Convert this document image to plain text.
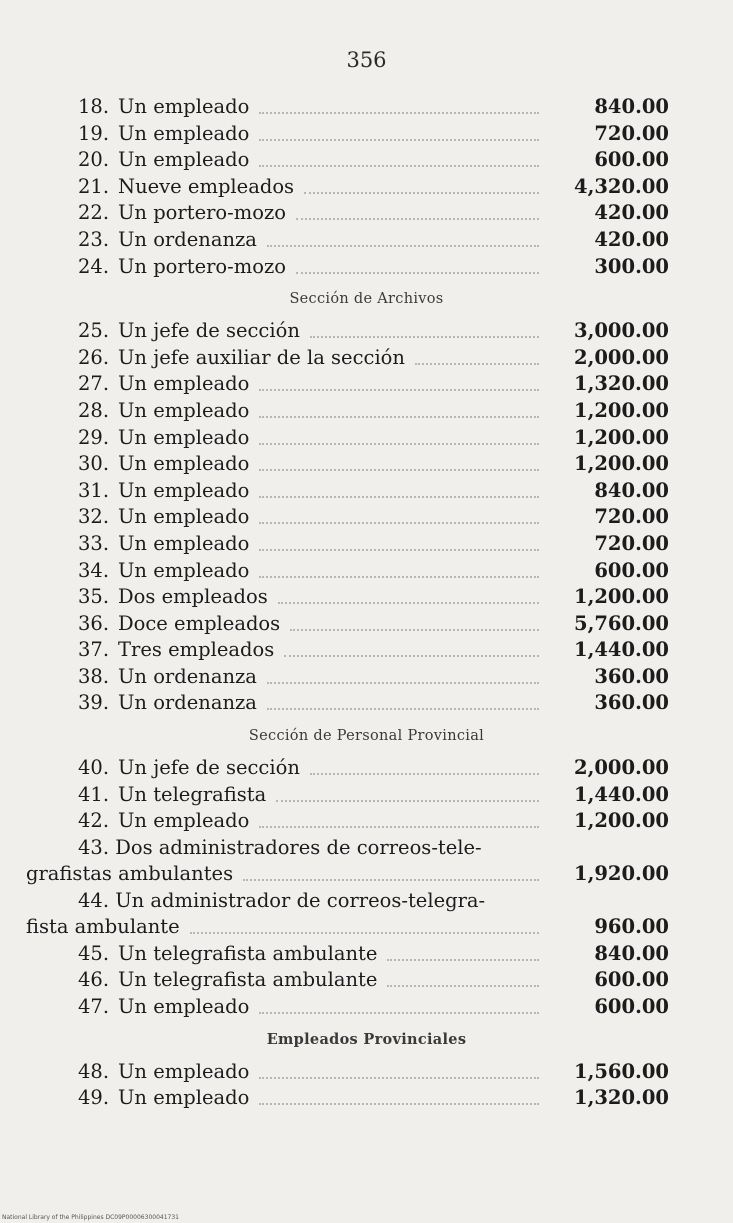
356
18. Un empleado	840.00
19. Un empleado	720.00
20. Un empleado	600.00
21. Nueve empleados	4,320.00
22. Un portero-mozo	420.00
23. Un ordenanza	420.00
24. Un portero-mozo	300.00
Sección de Archivos
25. Un jefe de sección	3,000.00
26. Un jefe auxiliar de la sección	2,000.00
27. Un empleado	1,320.00
28. Un empleado	1,200.00
29. Un empleado	1,200.00
30. Un empleado	1,200.00
31. Un empleado	840.00
32. Un empleado	720.00
33. Un empleado	720.00
34. Un empleado	600.00
35. Dos empleados	1,200.00
36. Doce empleados	5,760.00
37. Tres empleados	1,440.00
38. Un ordenanza	360.00
39. Un ordenanza	360.00
Sección de Personal Provincial
40. Un jefe de sección	2,000.00
41. Un telegrafista	1,440.00
42. Un empleado	1,200.00
43. Dos administradores de correos-tele-
grafistas ambulantes	1,920.00
44. Un administrador de correos-telegra-
fista ambulante	960.00
45. Un telegrafista ambulante	840.00
46. Un telegrafista ambulante	600.00
47. Un empleado	600.00
Empleados Provinciales
48. Un empleado	1,560.00
49. Un empleado	1,320.00
National Library of the Philippines DC09P00006300041731
